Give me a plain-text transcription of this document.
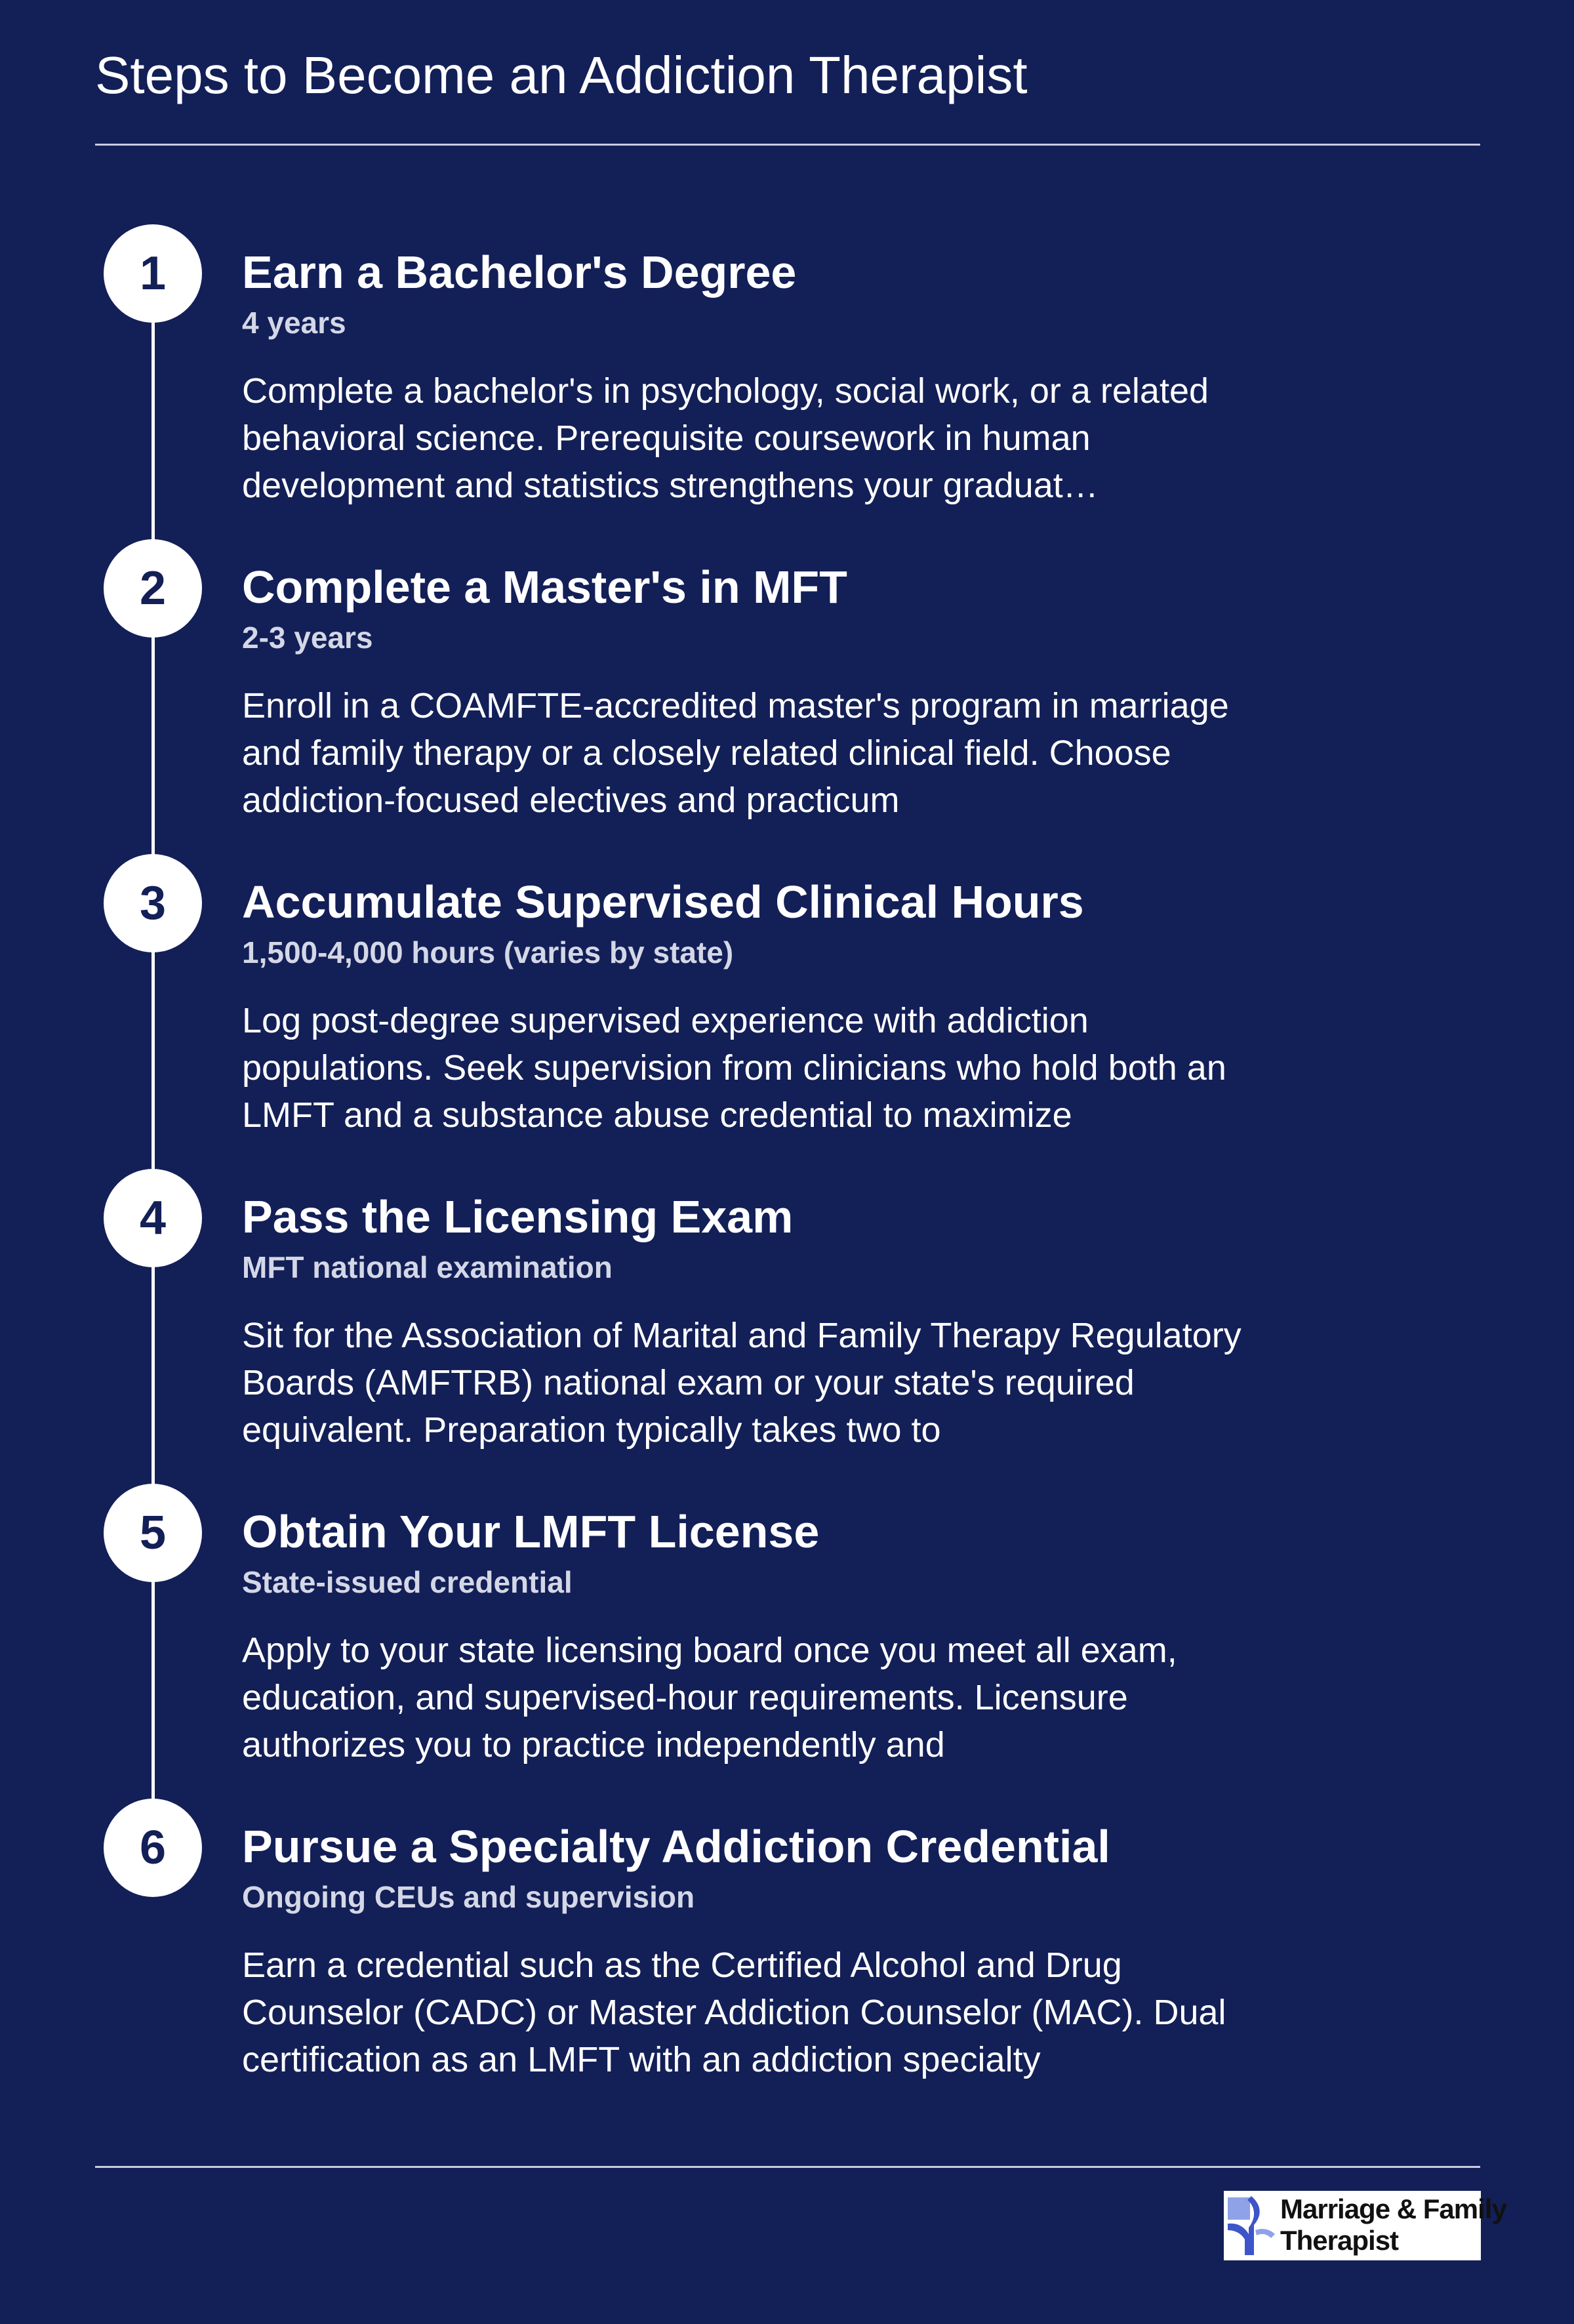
Steps to Become an Addiction Therapist
1	Earn a Bachelor's Degree
4 years
Complete a bachelor's in psychology, social work, or a related behavioral science. Prerequisite coursework in human development and statistics strengthens your graduat…
2	Complete a Master's in MFT
2-3 years
Enroll in a COAMFTE-accredited master's program in marriage and family therapy or a closely related clinical field. Choose addiction-focused electives and practicum
3	Accumulate Supervised Clinical Hours
1,500-4,000 hours (varies by state)
Log post-degree supervised experience with addiction populations. Seek supervision from clinicians who hold both an LMFT and a substance abuse credential to maximize
4	Pass the Licensing Exam
MFT national examination
Sit for the Association of Marital and Family Therapy Regulatory Boards (AMFTRB) national exam or your state's required equivalent. Preparation typically takes two to
5	Obtain Your LMFT License
State-issued credential
Apply to your state licensing board once you meet all exam, education, and supervised-hour requirements. Licensure authorizes you to practice independently and
6	Pursue a Specialty Addiction Credential
Ongoing CEUs and supervision
Earn a credential such as the Certified Alcohol and Drug Counselor (CADC) or Master Addiction Counselor (MAC). Dual certification as an LMFT with an addiction specialty
Marriage & Family
Therapist
